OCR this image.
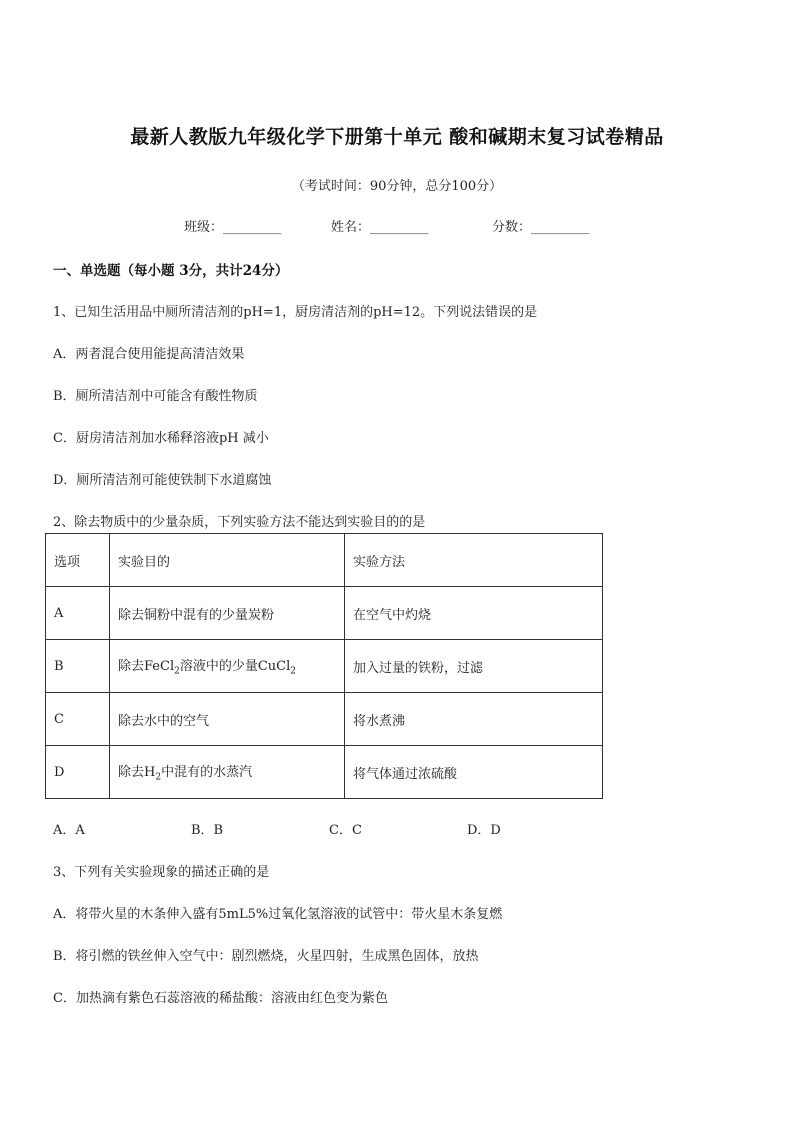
最新人教版九年级化学下册第十单元 酸和碱期末复习试卷精品
（考试时间：90分钟，总分100分）
班级：_________	姓名：_________	分数：_________
一、单选题（每小题 3分，共计24分）
1、已知生活用品中厕所清洁剂的pH=1，厨房清洁剂的pH=12。下列说法错误的是
A．两者混合使用能提高清洁效果
B．厕所清洁剂中可能含有酸性物质
C．厨房清洁剂加水稀释溶液pH 减小
D．厕所清洁剂可能使铁制下水道腐蚀
2、除去物质中的少量杂质，下列实验方法不能达到实验目的的是
选项	实验目的	实验方法
A	除去铜粉中混有的少量炭粉	在空气中灼烧
B	除去FeCl$_2$溶液中的少量CuCl$_2$	加入过量的铁粉，过滤
C	除去水中的空气	将水煮沸
D	除去$H_2$中混有的水蒸汽	将气体通过浓硫酸
A．A	B．B	C．C	D．D
3、下列有关实验现象的描述正确的是
A．将带火星的木条伸入盛有5mL5%过氧化氢溶液的试管中：带火星木条复燃
B．将引燃的铁丝伸入空气中：剧烈燃烧，火星四射，生成黑色固体，放热
C．加热滴有紫色石蕊溶液的稀盐酸：溶液由红色变为紫色
